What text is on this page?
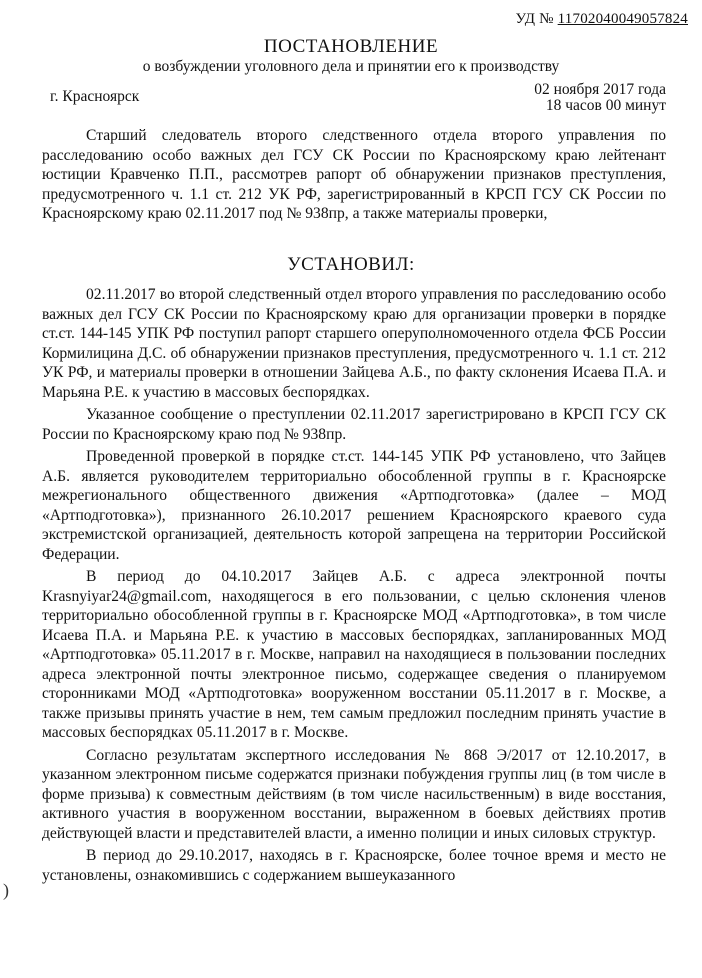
УД № 11702040049057824
ПОСТАНОВЛЕНИЕ
о возбуждении уголовного дела и принятии его к производству
г. Красноярск	02 ноября 2017 года
18 часов 00 минут

Старший следователь второго следственного отдела второго управления по расследованию особо важных дел ГСУ СК России по Красноярскому краю лейтенант юстиции Кравченко П.П., рассмотрев рапорт об обнаружении признаков преступления, предусмотренного ч. 1.1 ст. 212 УК РФ, зарегистрированный в КРСП ГСУ СК России по Красноярскому краю 02.11.2017 под № 938пр, а также материалы проверки,

УСТАНОВИЛ:

02.11.2017 во второй следственный отдел второго управления по расследованию особо важных дел ГСУ СК России по Красноярскому краю для организации проверки в порядке ст.ст. 144-145 УПК РФ поступил рапорт старшего оперуполномоченного отдела ФСБ России Кормилицина Д.С. об обнаружении признаков преступления, предусмотренного ч. 1.1 ст. 212 УК РФ, и материалы проверки в отношении Зайцева А.Б., по факту склонения Исаева П.А. и Марьяна Р.Е. к участию в массовых беспорядках.

Указанное сообщение о преступлении 02.11.2017 зарегистрировано в КРСП ГСУ СК России по Красноярскому краю под № 938пр.

Проведенной проверкой в порядке ст.ст. 144-145 УПК РФ установлено, что Зайцев А.Б. является руководителем территориально обособленной группы в г. Красноярске межрегионального общественного движения «Артподготовка» (далее – МОД «Артподготовка»), признанного 26.10.2017 решением Красноярского краевого суда экстремистской организацией, деятельность которой запрещена на территории Российской Федерации.

В период до 04.10.2017 Зайцев А.Б. с адреса электронной почты Krasnyiyar24@gmail.com, находящегося в его пользовании, с целью склонения членов территориально обособленной группы в г. Красноярске МОД «Артподготовка», в том числе Исаева П.А. и Марьяна Р.Е. к участию в массовых беспорядках, запланированных МОД «Артподготовка» 05.11.2017 в г. Москве, направил на находящиеся в пользовании последних адреса электронной почты электронное письмо, содержащее сведения о планируемом сторонниками МОД «Артподготовка» вооруженном восстании 05.11.2017 в г. Москве, а также призывы принять участие в нем, тем самым предложил последним принять участие в массовых беспорядках 05.11.2017 в г. Москве.

Согласно результатам экспертного исследования № 868 Э/2017 от 12.10.2017, в указанном электронном письме содержатся признаки побуждения группы лиц (в том числе в форме призыва) к совместным действиям (в том числе насильственным) в виде восстания, активного участия в вооруженном восстании, выраженном в боевых действиях против действующей власти и представителей власти, а именно полиции и иных силовых структур.

В период до 29.10.2017, находясь в г. Красноярске, более точное время и место не установлены, ознакомившись с содержанием вышеуказанного

)
